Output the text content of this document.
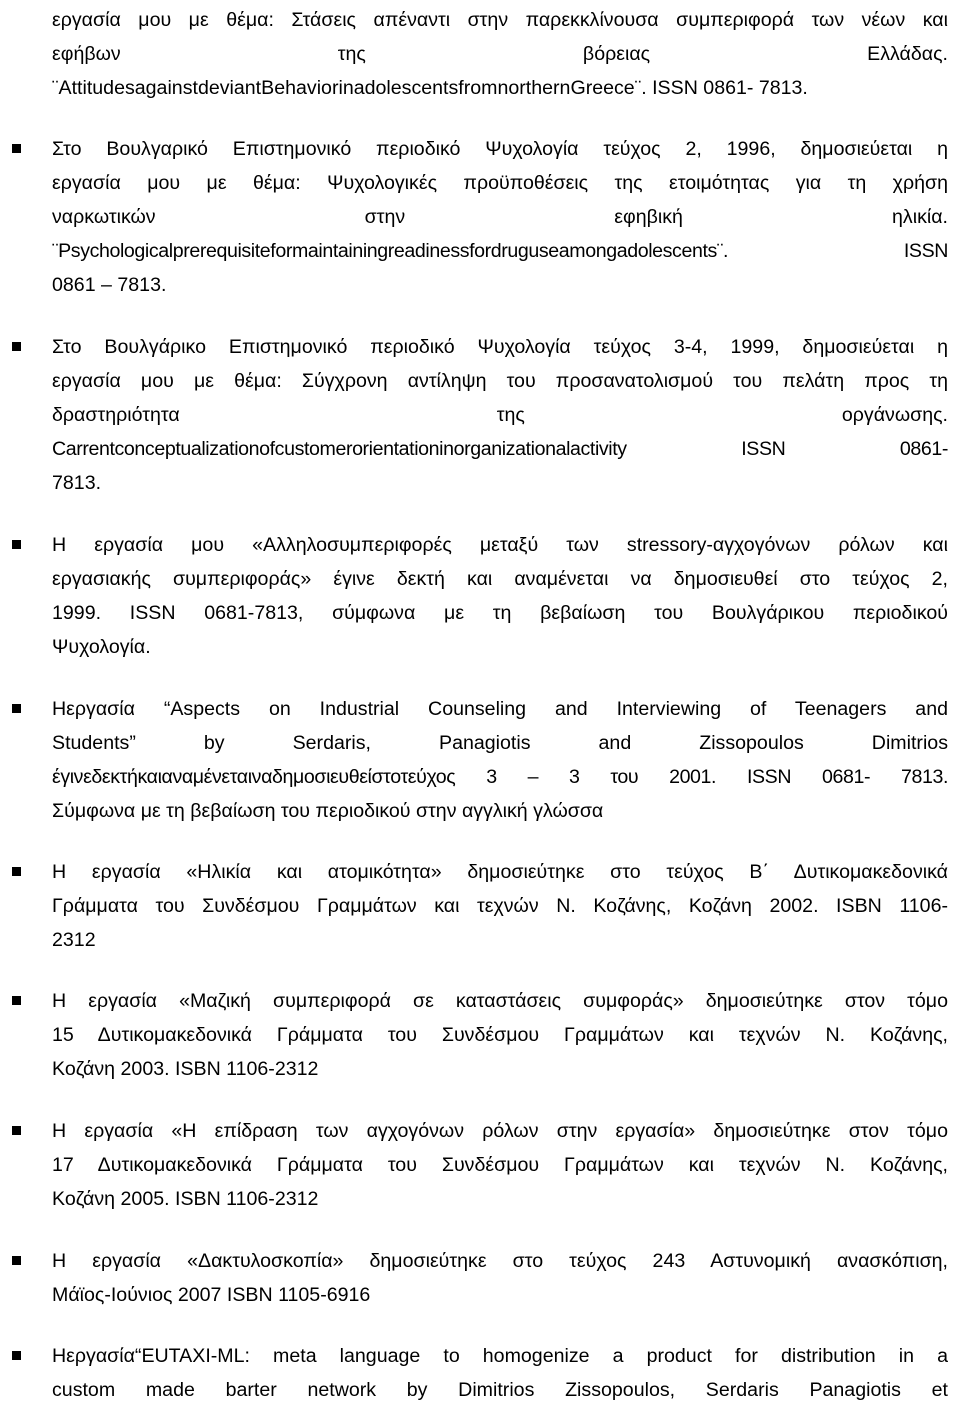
εργασία μου με θέμα: Στάσεις απέναντι στην παρεκκλίνουσα συμπεριφορά των νέων και
εφήβων της βόρειας Ελλάδας.
¨AttitudesagainstdeviantBehaviorinadolescentsfromnorthernGreece¨. ISSN 0861- 7813.
Στο Βουλγαρικό Επιστημονικό περιοδικό Ψυχολογία τεύχος 2, 1996, δημοσιεύεται η
εργασία μου με θέμα: Ψυχολογικές προϋποθέσεις της ετοιμότητας για τη χρήση
ναρκωτικών στην εφηβική ηλικία.
¨Psychologicalprerequisiteformaintainingreadinessfordruguseamongadolescents¨. ISSN
0861 – 7813.
Στο Βουλγάρικο Επιστημονικό περιοδικό Ψυχολογία τεύχος 3-4, 1999, δημοσιεύεται η
εργασία μου με θέμα: Σύγχρονη αντίληψη του προσανατολισμού του πελάτη προς τη
δραστηριότητα της οργάνωσης.
Carrentconceptualizationofcustomerorientationinorganizationalactivity ISSN 0861-
7813.
Η εργασία μου «Αλληλοσυμπεριφορές μεταξύ των stressory-αγχογόνων ρόλων και
εργασιακής συμπεριφοράς» έγινε δεκτή και αναμένεται να δημοσιευθεί στο τεύχος 2,
1999. ISSN 0681-7813, σύμφωνα με τη βεβαίωση του Βουλγάρικου περιοδικού
Ψυχολογία.
Ηεργασία “Aspects on Industrial Counseling and Interviewing of Teenagers and
Students” by Serdaris, Panagiotis and Zissopoulos Dimitrios
έγινεδεκτήκαιαναμένεταιναδημοσιευθείστοτεύχος 3 – 3 του 2001. ISSN 0681- 7813.
Σύμφωνα με τη βεβαίωση του περιοδικού στην αγγλική γλώσσα
Η εργασία «Ηλικία και ατομικότητα» δημοσιεύτηκε στο τεύχος Β΄ Δυτικομακεδονικά
Γράμματα του Συνδέσμου Γραμμάτων και τεχνών Ν. Κοζάνης, Κοζάνη 2002. ISBN 1106-
2312
Η εργασία «Μαζική συμπεριφορά σε καταστάσεις συμφοράς» δημοσιεύτηκε στον τόμο
15 Δυτικομακεδονικά Γράμματα του Συνδέσμου Γραμμάτων και τεχνών Ν. Κοζάνης,
Κοζάνη 2003. ISBN 1106-2312
Η εργασία «Η επίδραση των αγχογόνων ρόλων στην εργασία» δημοσιεύτηκε στον τόμο
17 Δυτικομακεδονικά Γράμματα του Συνδέσμου Γραμμάτων και τεχνών Ν. Κοζάνης,
Κοζάνη 2005. ISBN 1106-2312
Η εργασία «Δακτυλοσκοπία» δημοσιεύτηκε στο τεύχος 243 Αστυνομική ανασκόπιση,
Μάϊος-Ιούνιος 2007 ISBN 1105-6916
Ηεργασία“EUTAXI-ML: meta language to homogenize a product for distribution in a
custom made barter network by Dimitrios Zissopoulos, Serdaris Panagiotis et
